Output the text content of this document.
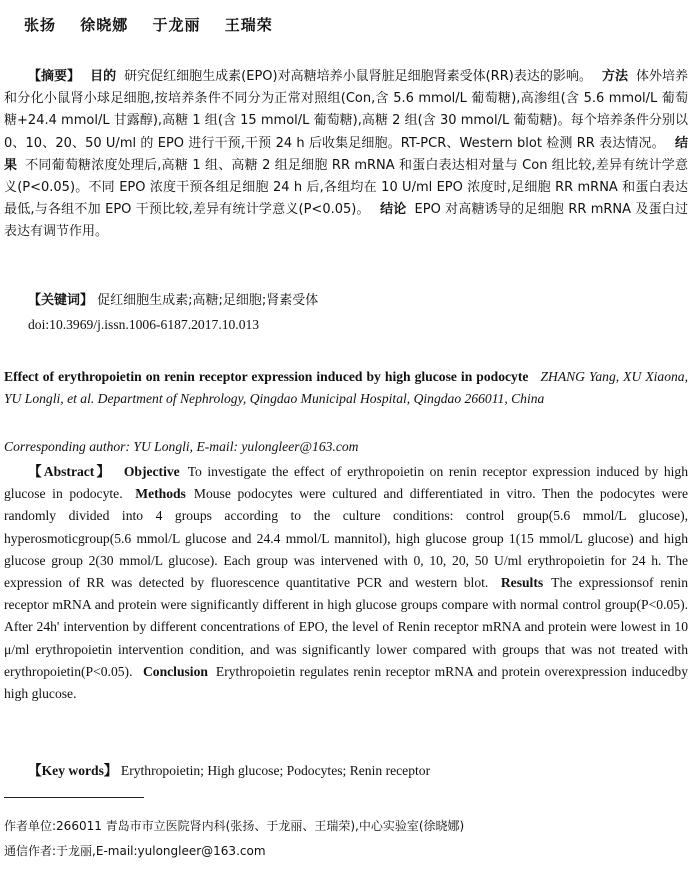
张扬 徐晓娜 于龙丽 王瑞荣
【摘要】 目的 研究促红细胞生成素(EPO)对高糖培养小鼠肾脏足细胞肾素受体(RR)表达的影响。 方法 体外培养和分化小鼠肾小球足细胞,按培养条件不同分为正常对照组(Con,含 5.6 mmol/L 葡萄糖),高渗组(含 5.6 mmol/L 葡萄糖+24.4 mmol/L 甘露醇),高糖 1 组(含 15 mmol/L 葡萄糖),高糖 2 组(含 30 mmol/L 葡萄糖)。每个培养条件分别以 0、10、20、50 U/ml 的 EPO 进行干预,干预 24 h 后收集足细胞。RT-PCR、Western blot 检测 RR 表达情况。 结果 不同葡萄糖浓度处理后,高糖 1 组、高糖 2 组足细胞 RR mRNA 和蛋白表达相对量与 Con 组比较,差异有统计学意义(P<0.05)。不同 EPO 浓度干预各组足细胞 24 h 后,各组均在 10 U/ml EPO 浓度时,足细胞 RR mRNA 和蛋白表达最低,与各组不加 EPO 干预比较,差异有统计学意义(P<0.05)。 结论 EPO 对高糖诱导的足细胞 RR mRNA 及蛋白过表达有调节作用。
【关键词】 促红细胞生成素;高糖;足细胞;肾素受体
doi:10.3969/j.issn.1006-6187.2017.10.013
Effect of erythropoietin on renin receptor expression induced by high glucose in podocyte ZHANG Yang, XU Xiaona, YU Longli, et al. Department of Nephrology, Qingdao Municipal Hospital, Qingdao 266011, China
Corresponding author: YU Longli, E-mail: yulongleer@163.com
【Abstract】 Objective To investigate the effect of erythropoietin on renin receptor expression induced by high glucose in podocyte. Methods Mouse podocytes were cultured and differentiated in vitro. Then the podocytes were randomly divided into 4 groups according to the culture conditions: control group(5.6 mmol/L glucose), hyperosmoticgroup(5.6 mmol/L glucose and 24.4 mmol/L mannitol), high glucose group 1(15 mmol/L glucose) and high glucose group 2(30 mmol/L glucose). Each group was intervened with 0, 10, 20, 50 U/ml erythropoietin for 24 h. The expression of RR was detected by fluorescence quantitative PCR and western blot. Results The expressionsof renin receptor mRNA and protein were significantly different in high glucose groups compare with normal control group(P<0.05). After 24h' intervention by different concentrations of EPO, the level of Renin receptor mRNA and protein were lowest in 10 μ/ml erythropoietin intervention condition, and was significantly lower compared with groups that was not treated with erythropoietin(P<0.05). Conclusion Erythropoietin regulates renin receptor mRNA and protein overexpression inducedby high glucose.
【Key words】 Erythropoietin; High glucose; Podocytes; Renin receptor
作者单位:266011 青岛市市立医院肾内科(张扬、于龙丽、王瑞荣),中心实验室(徐晓娜)
通信作者:于龙丽,E-mail:yulongleer@163.com
